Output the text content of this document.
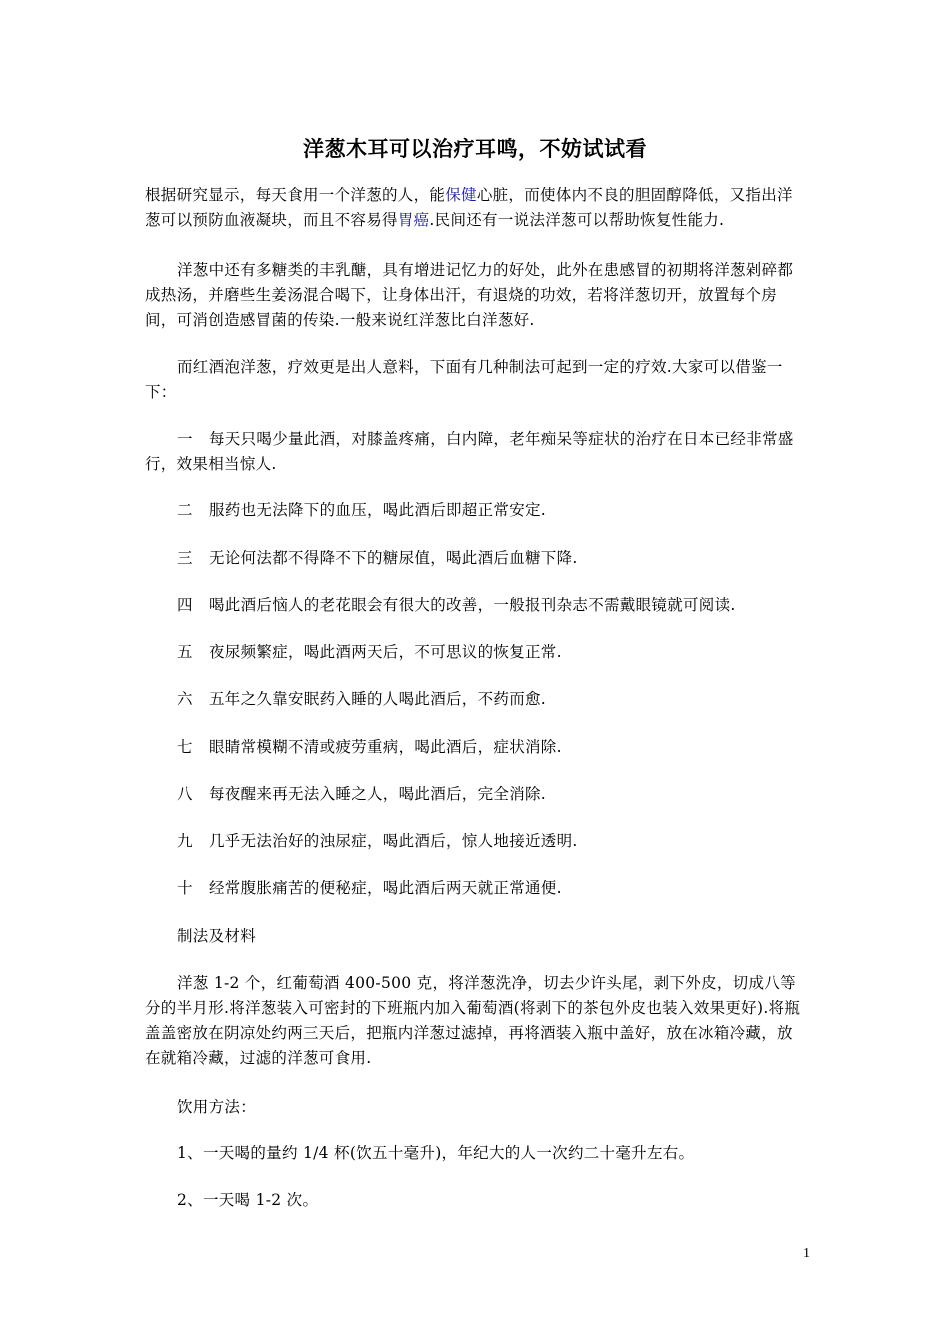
洋葱木耳可以治疗耳鸣，不妨试试看
根据研究显示，每天食用一个洋葱的人，能保健心脏，而使体内不良的胆固醇降低，又指出洋葱可以预防血液凝块，而且不容易得胃癌.民间还有一说法洋葱可以帮助恢复性能力.
洋葱中还有多糖类的丰乳醣，具有增进记忆力的好处，此外在患感冒的初期将洋葱剁碎都成热汤，并磨些生姜汤混合喝下，让身体出汗，有退烧的功效，若将洋葱切开，放置每个房间，可消创造感冒菌的传染.一般来说红洋葱比白洋葱好.
而红酒泡洋葱，疗效更是出人意料，下面有几种制法可起到一定的疗效.大家可以借鉴一下：
一 每天只喝少量此酒，对膝盖疼痛，白内障，老年痴呆等症状的治疗在日本已经非常盛行，效果相当惊人.
二 服药也无法降下的血压，喝此酒后即超正常安定.
三 无论何法都不得降不下的糖尿值，喝此酒后血糖下降.
四 喝此酒后恼人的老花眼会有很大的改善，一般报刊杂志不需戴眼镜就可阅读.
五 夜尿频繁症，喝此酒两天后，不可思议的恢复正常.
六 五年之久靠安眠药入睡的人喝此酒后，不药而愈.
七 眼睛常模糊不清或疲劳重病，喝此酒后，症状消除.
八 每夜醒来再无法入睡之人，喝此酒后，完全消除.
九 几乎无法治好的浊尿症，喝此酒后，惊人地接近透明.
十 经常腹胀痛苦的便秘症，喝此酒后两天就正常通便.
制法及材料
洋葱 1-2 个，红葡萄酒 400-500 克，将洋葱洗净，切去少许头尾，剥下外皮，切成八等分的半月形.将洋葱装入可密封的下班瓶内加入葡萄酒(将剥下的茶包外皮也装入效果更好).将瓶盖盖密放在阴凉处约两三天后，把瓶内洋葱过滤掉，再将酒装入瓶中盖好，放在冰箱冷藏，放在就箱冷藏，过滤的洋葱可食用.
饮用方法：
1、一天喝的量约 1/4 杯(饮五十毫升)，年纪大的人一次约二十毫升左右。
2、一天喝 1-2 次。
1
